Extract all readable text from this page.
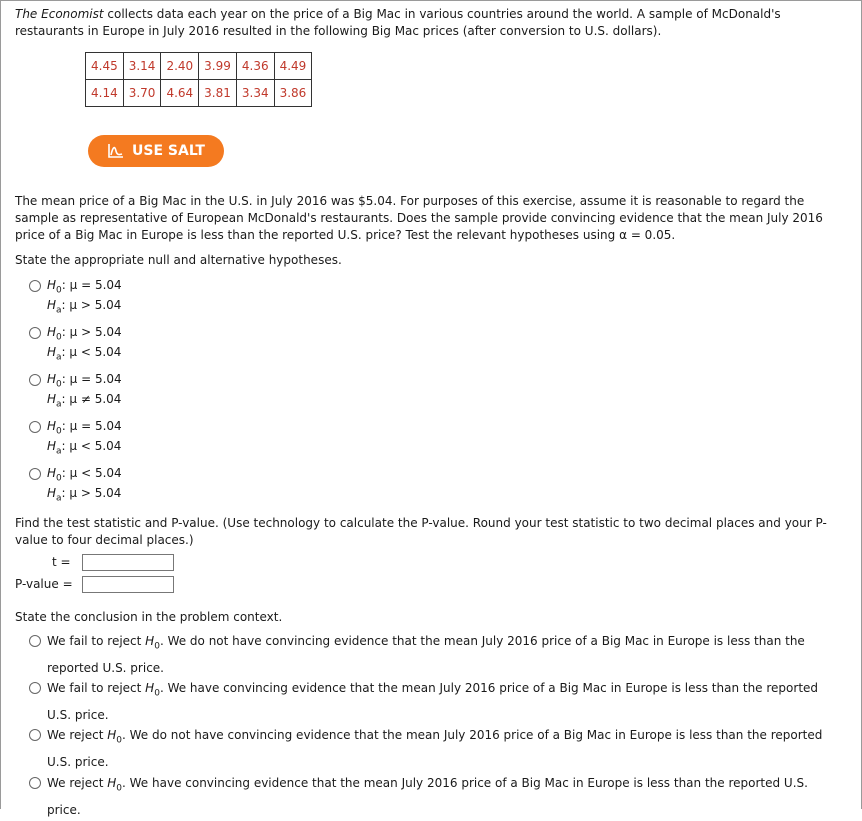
The Economist collects data each year on the price of a Big Mac in various countries around the world. A sample of McDonald's restaurants in Europe in July 2016 resulted in the following Big Mac prices (after conversion to U.S. dollars).
4.45	3.14	2.40	3.99	4.36	4.49
4.14	3.70	4.64	3.81	3.34	3.86
USE SALT
The mean price of a Big Mac in the U.S. in July 2016 was $5.04. For purposes of this exercise, assume it is reasonable to regard the sample as representative of European McDonald's restaurants. Does the sample provide convincing evidence that the mean July 2016 price of a Big Mac in Europe is less than the reported U.S. price? Test the relevant hypotheses using α = 0.05.
State the appropriate null and alternative hypotheses.
$H_0$: μ = 5.04
$H_a$: μ > 5.04
$H_0$: μ > 5.04
$H_a$: μ < 5.04
$H_0$: μ = 5.04
$H_a$: μ ≠ 5.04
$H_0$: μ = 5.04
$H_a$: μ < 5.04
$H_0$: μ < 5.04
$H_a$: μ > 5.04
Find the test statistic and P-value. (Use technology to calculate the P-value. Round your test statistic to two decimal places and your P-value to four decimal places.)
t =
P-value =
State the conclusion in the problem context.
We fail to reject $H_0$. We do not have convincing evidence that the mean July 2016 price of a Big Mac in Europe is less than the reported U.S. price.
We fail to reject $H_0$. We have convincing evidence that the mean July 2016 price of a Big Mac in Europe is less than the reported U.S. price.
We reject $H_0$. We do not have convincing evidence that the mean July 2016 price of a Big Mac in Europe is less than the reported U.S. price.
We reject $H_0$. We have convincing evidence that the mean July 2016 price of a Big Mac in Europe is less than the reported U.S. price.
